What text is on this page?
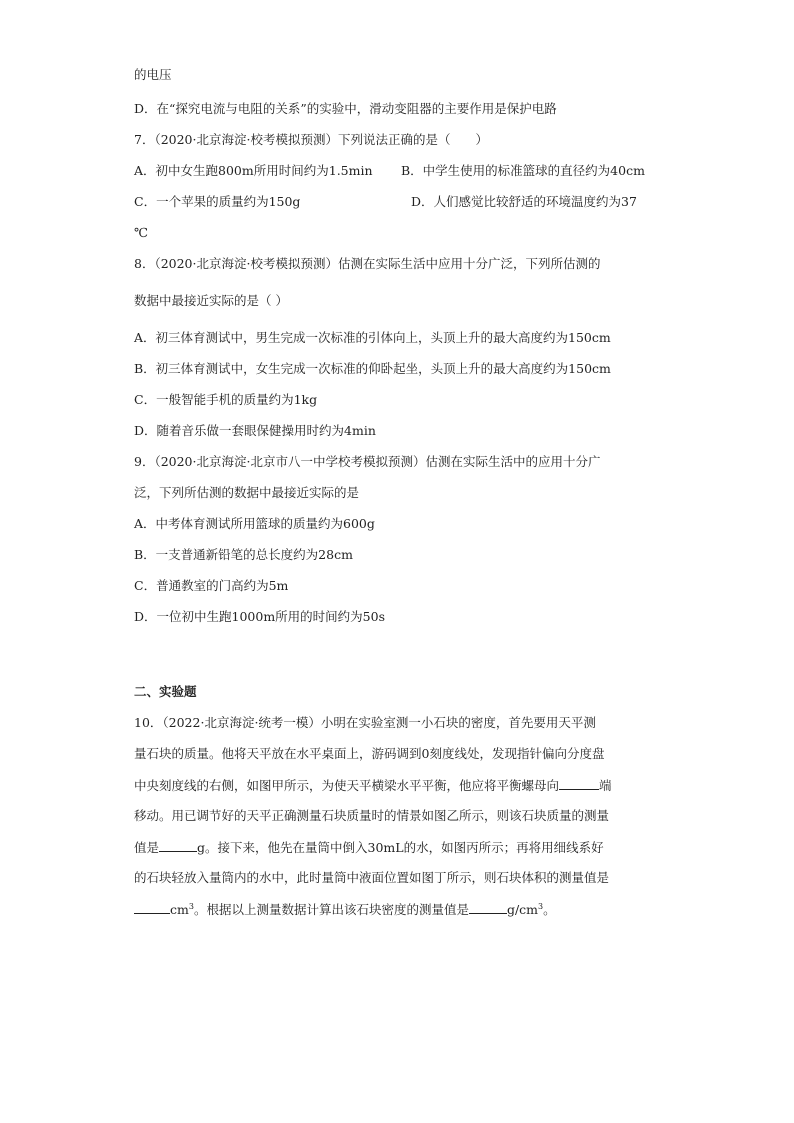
的电压
D．在“探究电流与电阻的关系”的实验中，滑动变阻器的主要作用是保护电路
7．（2020·北京海淀·校考模拟预测）下列说法正确的是（　　）
A．初中女生跑800m所用时间约为1.5min B．中学生使用的标准篮球的直径约为40cm
C．一个苹果的质量约为150g	D．人们感觉比较舒适的环境温度约为37
℃
8．（2020·北京海淀·校考模拟预测）估测在实际生活中应用十分广泛，下列所估测的
数据中最接近实际的是（ ）
A．初三体育测试中，男生完成一次标准的引体向上，头顶上升的最大高度约为150cm
B．初三体育测试中，女生完成一次标准的仰卧起坐，头顶上升的最大高度约为150cm
C．一般智能手机的质量约为1kg
D．随着音乐做一套眼保健操用时约为4min
9．（2020·北京海淀·北京市八一中学校考模拟预测）估测在实际生活中的应用十分广
泛，下列所估测的数据中最接近实际的是
A．中考体育测试所用篮球的质量约为600g
B．一支普通新铅笔的总长度约为28cm
C．普通教室的门高约为5m
D．一位初中生跑1000m所用的时间约为50s
二、实验题
10．（2022·北京海淀·统考一模）小明在实验室测一小石块的密度，首先要用天平测
量石块的质量。他将天平放在水平桌面上，游码调到0刻度线处，发现指针偏向分度盘
中央刻度线的右侧，如图甲所示，为使天平横梁水平平衡，他应将平衡螺母向	端
移动。用已调节好的天平正确测量石块质量时的情景如图乙所示，则该石块质量的测量
值是	g。接下来，他先在量筒中倒入30mL的水，如图丙所示；再将用细线系好
的石块轻放入量筒内的水中，此时量筒中液面位置如图丁所示，则石块体积的测量值是
$cm^3$。根据以上测量数据计算出该石块密度的测量值是	$g/cm^3$。
